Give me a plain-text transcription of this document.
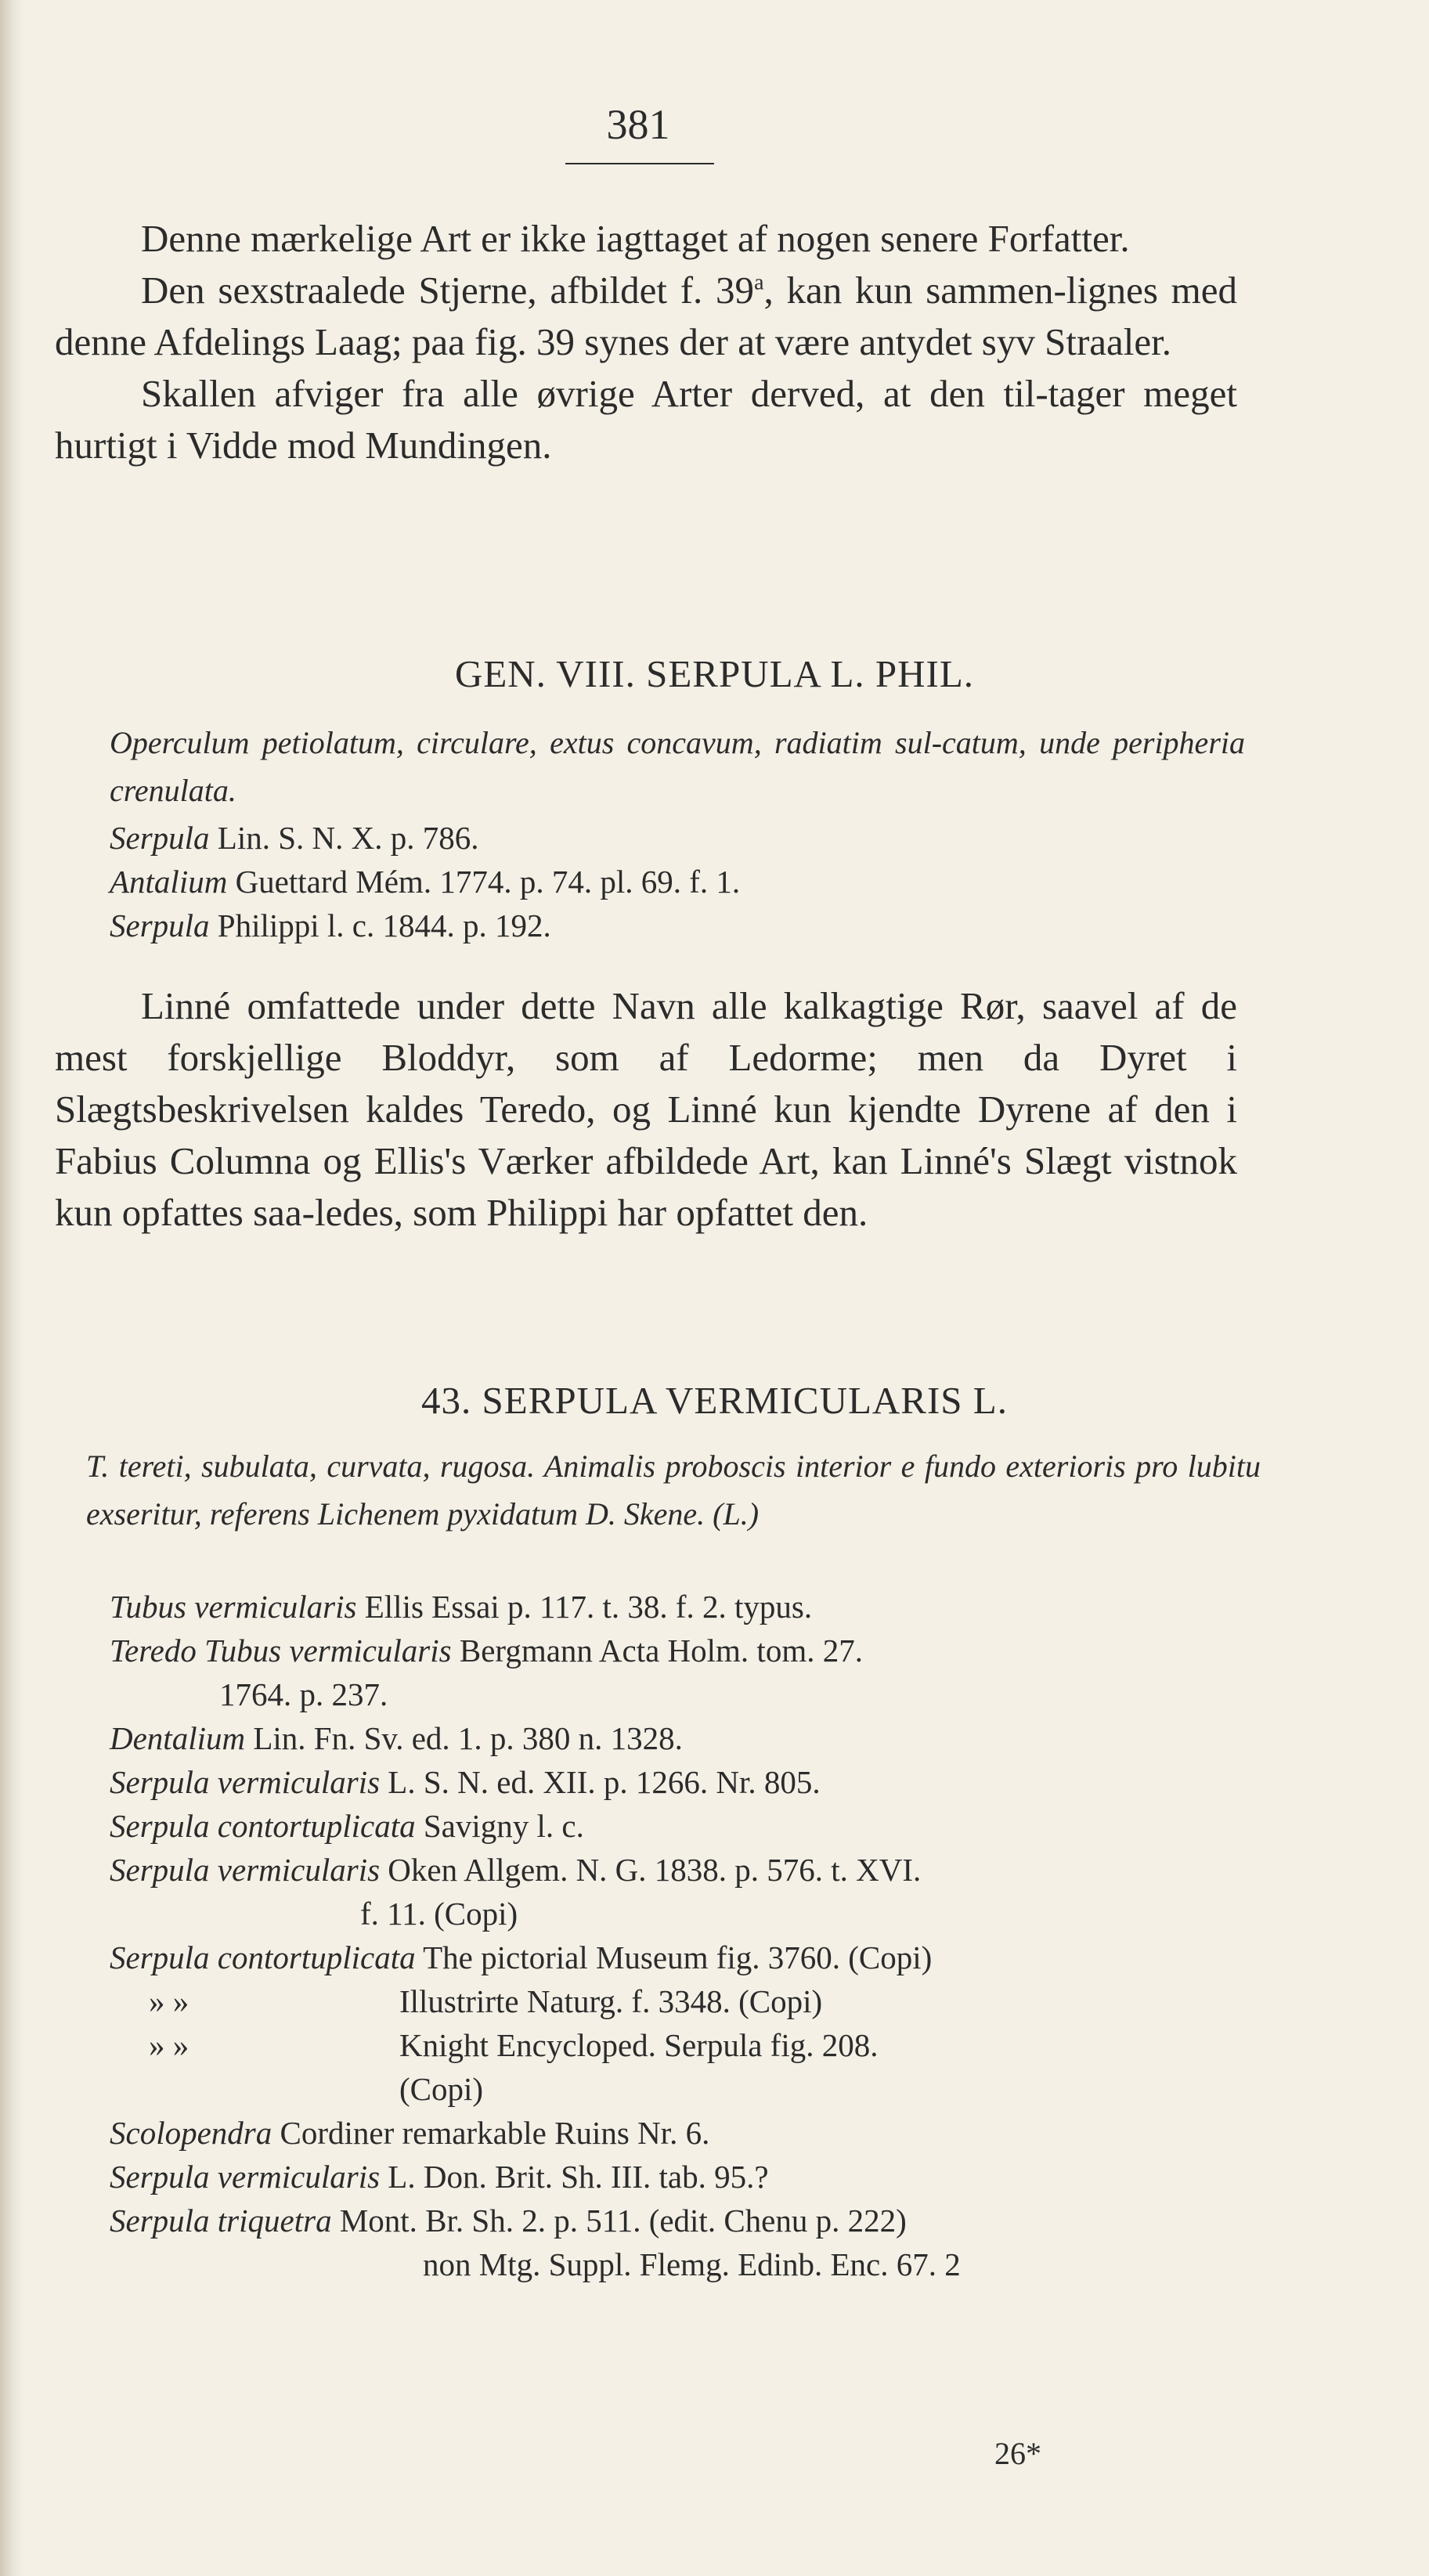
381

Denne mærkelige Art er ikke iagttaget af nogen senere Forfatter.

Den sexstraalede Stjerne, afbildet f. 39$^a$, kan kun sammen-lignes med denne Afdelings Laag; paa fig. 39 synes der at være antydet syv Straaler.

Skallen afviger fra alle øvrige Arter derved, at den til-tager meget hurtigt i Vidde mod Mundingen.

GEN. VIII. SERPULA L. PHIL.
Operculum petiolatum, circulare, extus concavum, radiatim sul-catum, unde peripheria crenulata.
Serpula Lin. S. N. X. p. 786.
Antalium Guettard Mém. 1774. p. 74. pl. 69. f. 1.
Serpula Philippi l. c. 1844. p. 192.

Linné omfattede under dette Navn alle kalkagtige Rør, saavel af de mest forskjellige Bloddyr, som af Ledorme; men da Dyret i Slægtsbeskrivelsen kaldes Teredo, og Linné kun kjendte Dyrene af den i Fabius Columna og Ellis's Værker afbildede Art, kan Linné's Slægt vistnok kun opfattes saa-ledes, som Philippi har opfattet den.

43. SERPULA VERMICULARIS L.
T. tereti, subulata, curvata, rugosa. Animalis proboscis interior e fundo exterioris pro lubitu exseritur, referens Lichenem pyxidatum D. Skene. (L.)
Tubus vermicularis Ellis Essai p. 117. t. 38. f. 2. typus.
Teredo Tubus vermicularis Bergmann Acta Holm. tom. 27.
1764. p. 237.
Dentalium Lin. Fn. Sv. ed. 1. p. 380 n. 1328.
Serpula vermicularis L. S. N. ed. XII. p. 1266. Nr. 805.
Serpula contortuplicata Savigny l. c.
Serpula vermicularis Oken Allgem. N. G. 1838. p. 576. t. XVI.
f. 11. (Copi)
Serpula contortuplicata The pictorial Museum fig. 3760. (Copi)
» »	Illustrirte Naturg. f. 3348. (Copi)
» »	Knight Encycloped. Serpula fig. 208.
(Copi)
Scolopendra Cordiner remarkable Ruins Nr. 6.
Serpula vermicularis L. Don. Brit. Sh. III. tab. 95.?
Serpula triquetra Mont. Br. Sh. 2. p. 511. (edit. Chenu p. 222)
non Mtg. Suppl. Flemg. Edinb. Enc. 67. 2
26*
